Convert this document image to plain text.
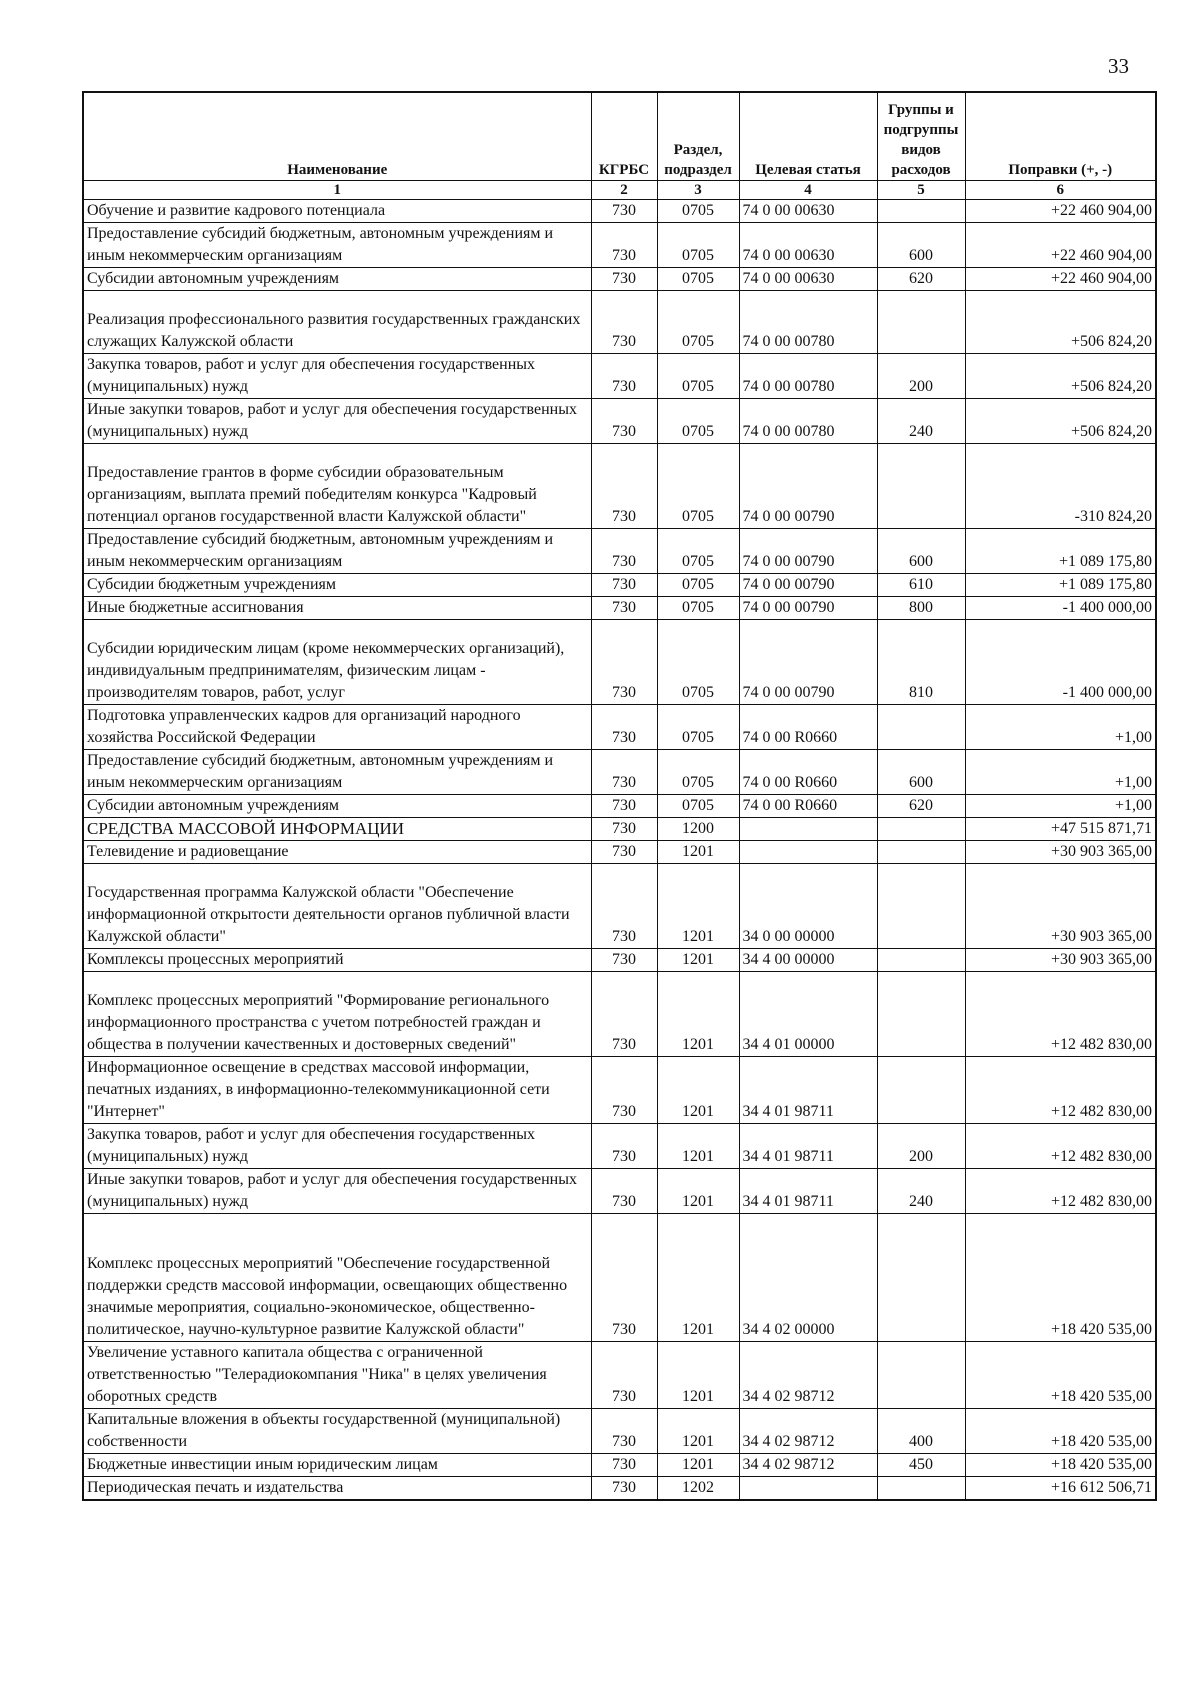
33
Наименование	КГРБС	Раздел, подраздел	Целевая статья	Группы и подгруппы видов расходов	Поправки (+, -)
1	2	3	4	5	6
Обучение и развитие кадрового потенциала	730	0705	74 0 00 00630		+22 460 904,00
Предоставление субсидий бюджетным, автономным учреждениям и иным некоммерческим организациям	730	0705	74 0 00 00630	600	+22 460 904,00
Субсидии автономным учреждениям	730	0705	74 0 00 00630	620	+22 460 904,00
Реализация профессионального развития государственных гражданских служащих Калужской области	730	0705	74 0 00 00780		+506 824,20
Закупка товаров, работ и услуг для обеспечения государственных (муниципальных) нужд	730	0705	74 0 00 00780	200	+506 824,20
Иные закупки товаров, работ и услуг для обеспечения государственных (муниципальных) нужд	730	0705	74 0 00 00780	240	+506 824,20
Предоставление грантов в форме субсидии образовательным организациям, выплата премий победителям конкурса "Кадровый потенциал органов государственной власти Калужской области"	730	0705	74 0 00 00790		-310 824,20
Предоставление субсидий бюджетным, автономным учреждениям и иным некоммерческим организациям	730	0705	74 0 00 00790	600	+1 089 175,80
Субсидии бюджетным учреждениям	730	0705	74 0 00 00790	610	+1 089 175,80
Иные бюджетные ассигнования	730	0705	74 0 00 00790	800	-1 400 000,00
Субсидии юридическим лицам (кроме некоммерческих организаций), индивидуальным предпринимателям, физическим лицам - производителям товаров, работ, услуг	730	0705	74 0 00 00790	810	-1 400 000,00
Подготовка управленческих кадров для организаций народного хозяйства Российской Федерации	730	0705	74 0 00 R0660		+1,00
Предоставление субсидий бюджетным, автономным учреждениям и иным некоммерческим организациям	730	0705	74 0 00 R0660	600	+1,00
Субсидии автономным учреждениям	730	0705	74 0 00 R0660	620	+1,00
СРЕДСТВА МАССОВОЙ ИНФОРМАЦИИ	730	1200			+47 515 871,71
Телевидение и радиовещание	730	1201			+30 903 365,00
Государственная программа Калужской области "Обеспечение информационной открытости деятельности органов публичной власти Калужской области"	730	1201	34 0 00 00000		+30 903 365,00
Комплексы процессных мероприятий	730	1201	34 4 00 00000		+30 903 365,00
Комплекс процессных мероприятий "Формирование регионального информационного пространства с учетом потребностей граждан и общества в получении качественных и достоверных сведений"	730	1201	34 4 01 00000		+12 482 830,00
Информационное освещение в средствах массовой информации, печатных изданиях, в информационно-телекоммуникационной сети "Интернет"	730	1201	34 4 01 98711		+12 482 830,00
Закупка товаров, работ и услуг для обеспечения государственных (муниципальных) нужд	730	1201	34 4 01 98711	200	+12 482 830,00
Иные закупки товаров, работ и услуг для обеспечения государственных (муниципальных) нужд	730	1201	34 4 01 98711	240	+12 482 830,00
Комплекс процессных мероприятий "Обеспечение государственной поддержки средств массовой информации, освещающих общественно значимые мероприятия, социально-экономическое, общественно-политическое, научно-культурное развитие Калужской области"	730	1201	34 4 02 00000		+18 420 535,00
Увеличение уставного капитала общества с ограниченной ответственностью "Телерадиокомпания "Ника" в целях увеличения оборотных средств	730	1201	34 4 02 98712		+18 420 535,00
Капитальные вложения в объекты государственной (муниципальной) собственности	730	1201	34 4 02 98712	400	+18 420 535,00
Бюджетные инвестиции иным юридическим лицам	730	1201	34 4 02 98712	450	+18 420 535,00
Периодическая печать и издательства	730	1202			+16 612 506,71
